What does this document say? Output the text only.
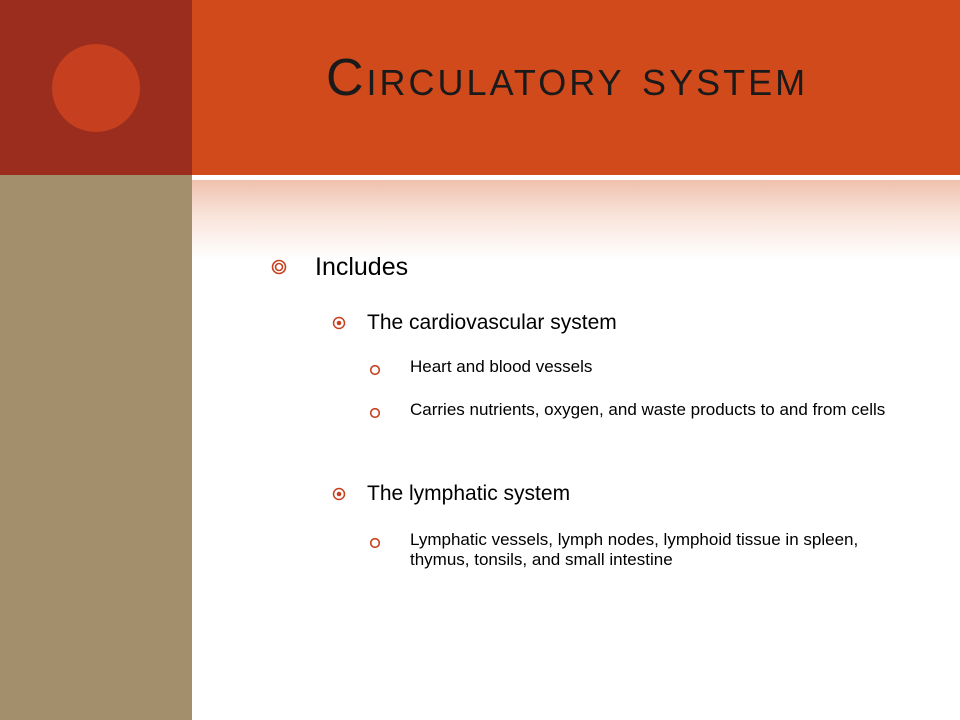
Circulatory system
Includes
The cardiovascular system
Heart and blood vessels
Carries nutrients, oxygen, and waste products to and from cells
The lymphatic system
Lymphatic vessels, lymph nodes, lymphoid tissue in spleen, thymus, tonsils, and small intestine
